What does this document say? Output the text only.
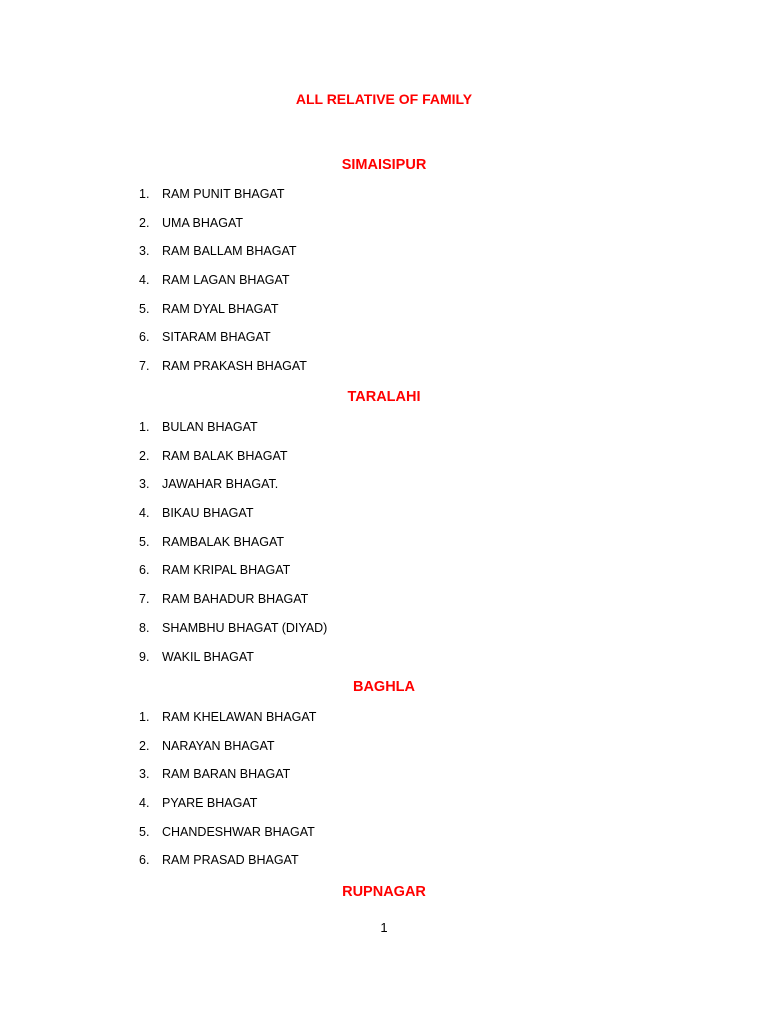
ALL RELATIVE OF FAMILY
SIMAISIPUR
1. RAM PUNIT BHAGAT
2. UMA BHAGAT
3. RAM BALLAM BHAGAT
4. RAM LAGAN BHAGAT
5. RAM DYAL BHAGAT
6. SITARAM BHAGAT
7. RAM PRAKASH BHAGAT
TARALAHI
1. BULAN BHAGAT
2. RAM BALAK BHAGAT
3. JAWAHAR BHAGAT.
4. BIKAU BHAGAT
5. RAMBALAK BHAGAT
6. RAM KRIPAL BHAGAT
7. RAM BAHADUR BHAGAT
8. SHAMBHU BHAGAT (DIYAD)
9. WAKIL BHAGAT
BAGHLA
1. RAM KHELAWAN BHAGAT
2. NARAYAN BHAGAT
3. RAM BARAN BHAGAT
4. PYARE BHAGAT
5. CHANDESHWAR BHAGAT
6. RAM PRASAD BHAGAT
RUPNAGAR
1
